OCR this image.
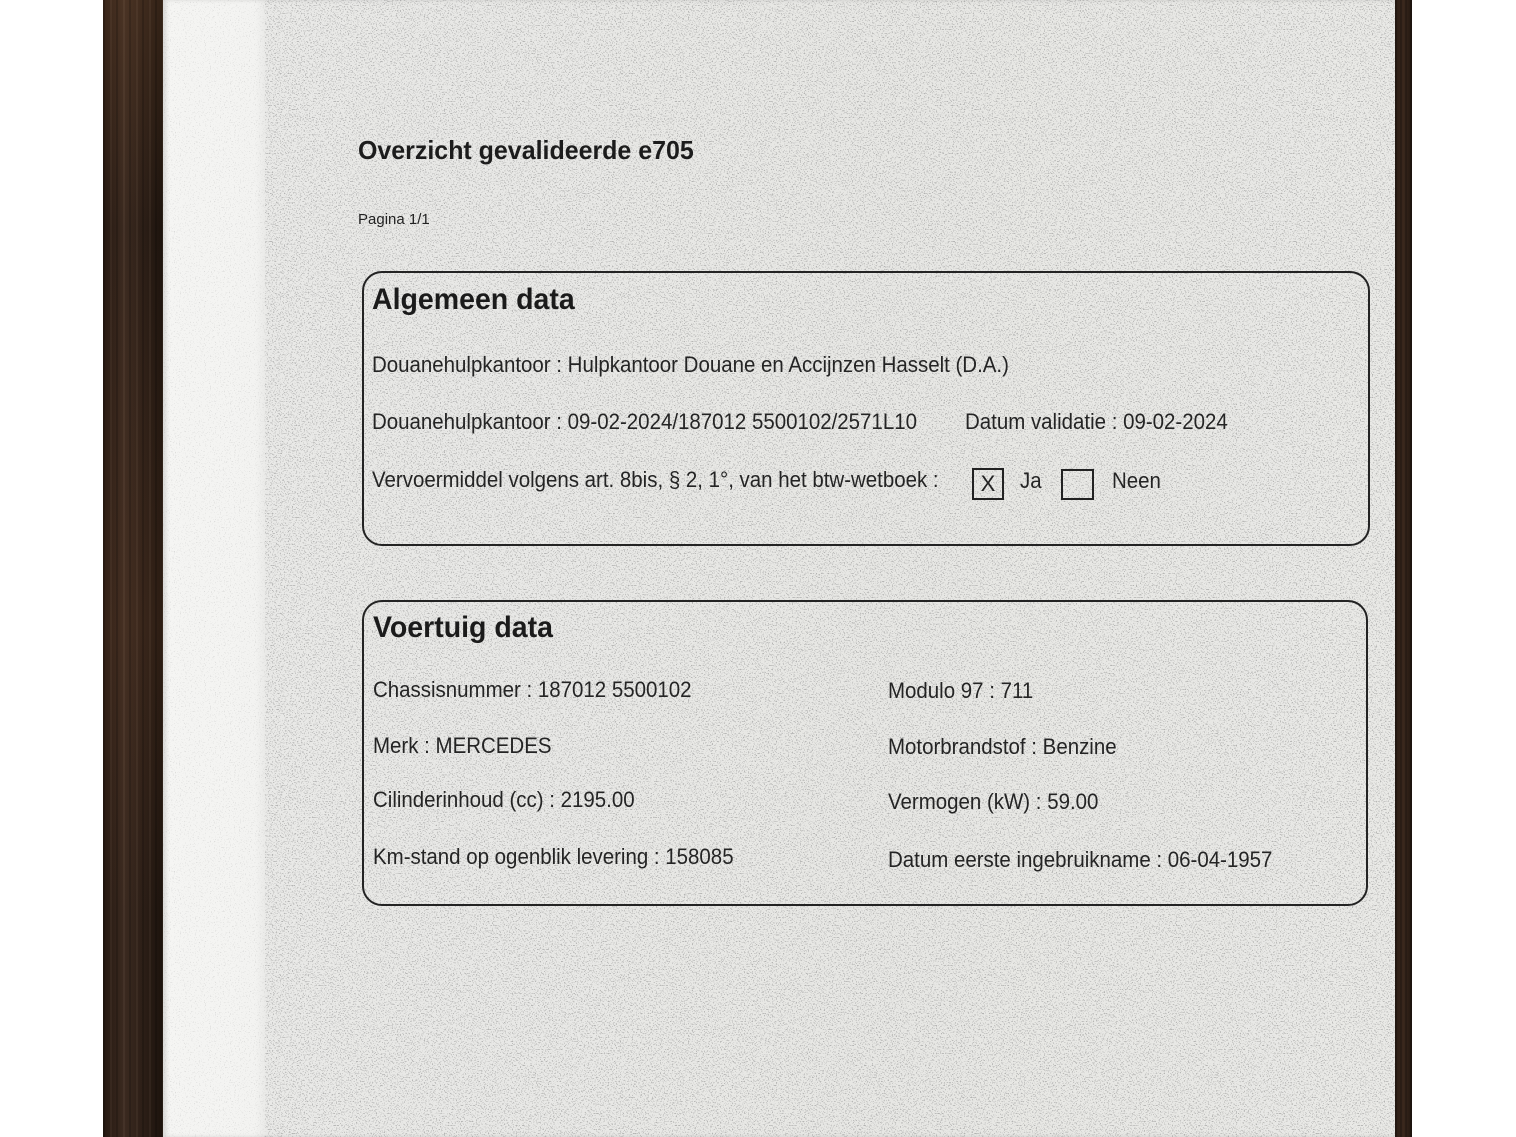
Overzicht gevalideerde e705
Pagina 1/1
Algemeen data
Douanehulpkantoor : Hulpkantoor Douane en Accijnzen Hasselt (D.A.)
Douanehulpkantoor : 09-02-2024/187012 5500102/2571L10 Datum validatie : 09-02-2024
Vervoermiddel volgens art. 8bis, § 2, 1°, van het btw-wetboek :	X	Ja	Neen
Voertuig data
Chassisnummer : 187012 5500102	Modulo 97 : 711
Merk : MERCEDES	Motorbrandstof : Benzine
Cilinderinhoud (cc) : 2195.00	Vermogen (kW) : 59.00
Km-stand op ogenblik levering : 158085	Datum eerste ingebruikname : 06-04-1957
